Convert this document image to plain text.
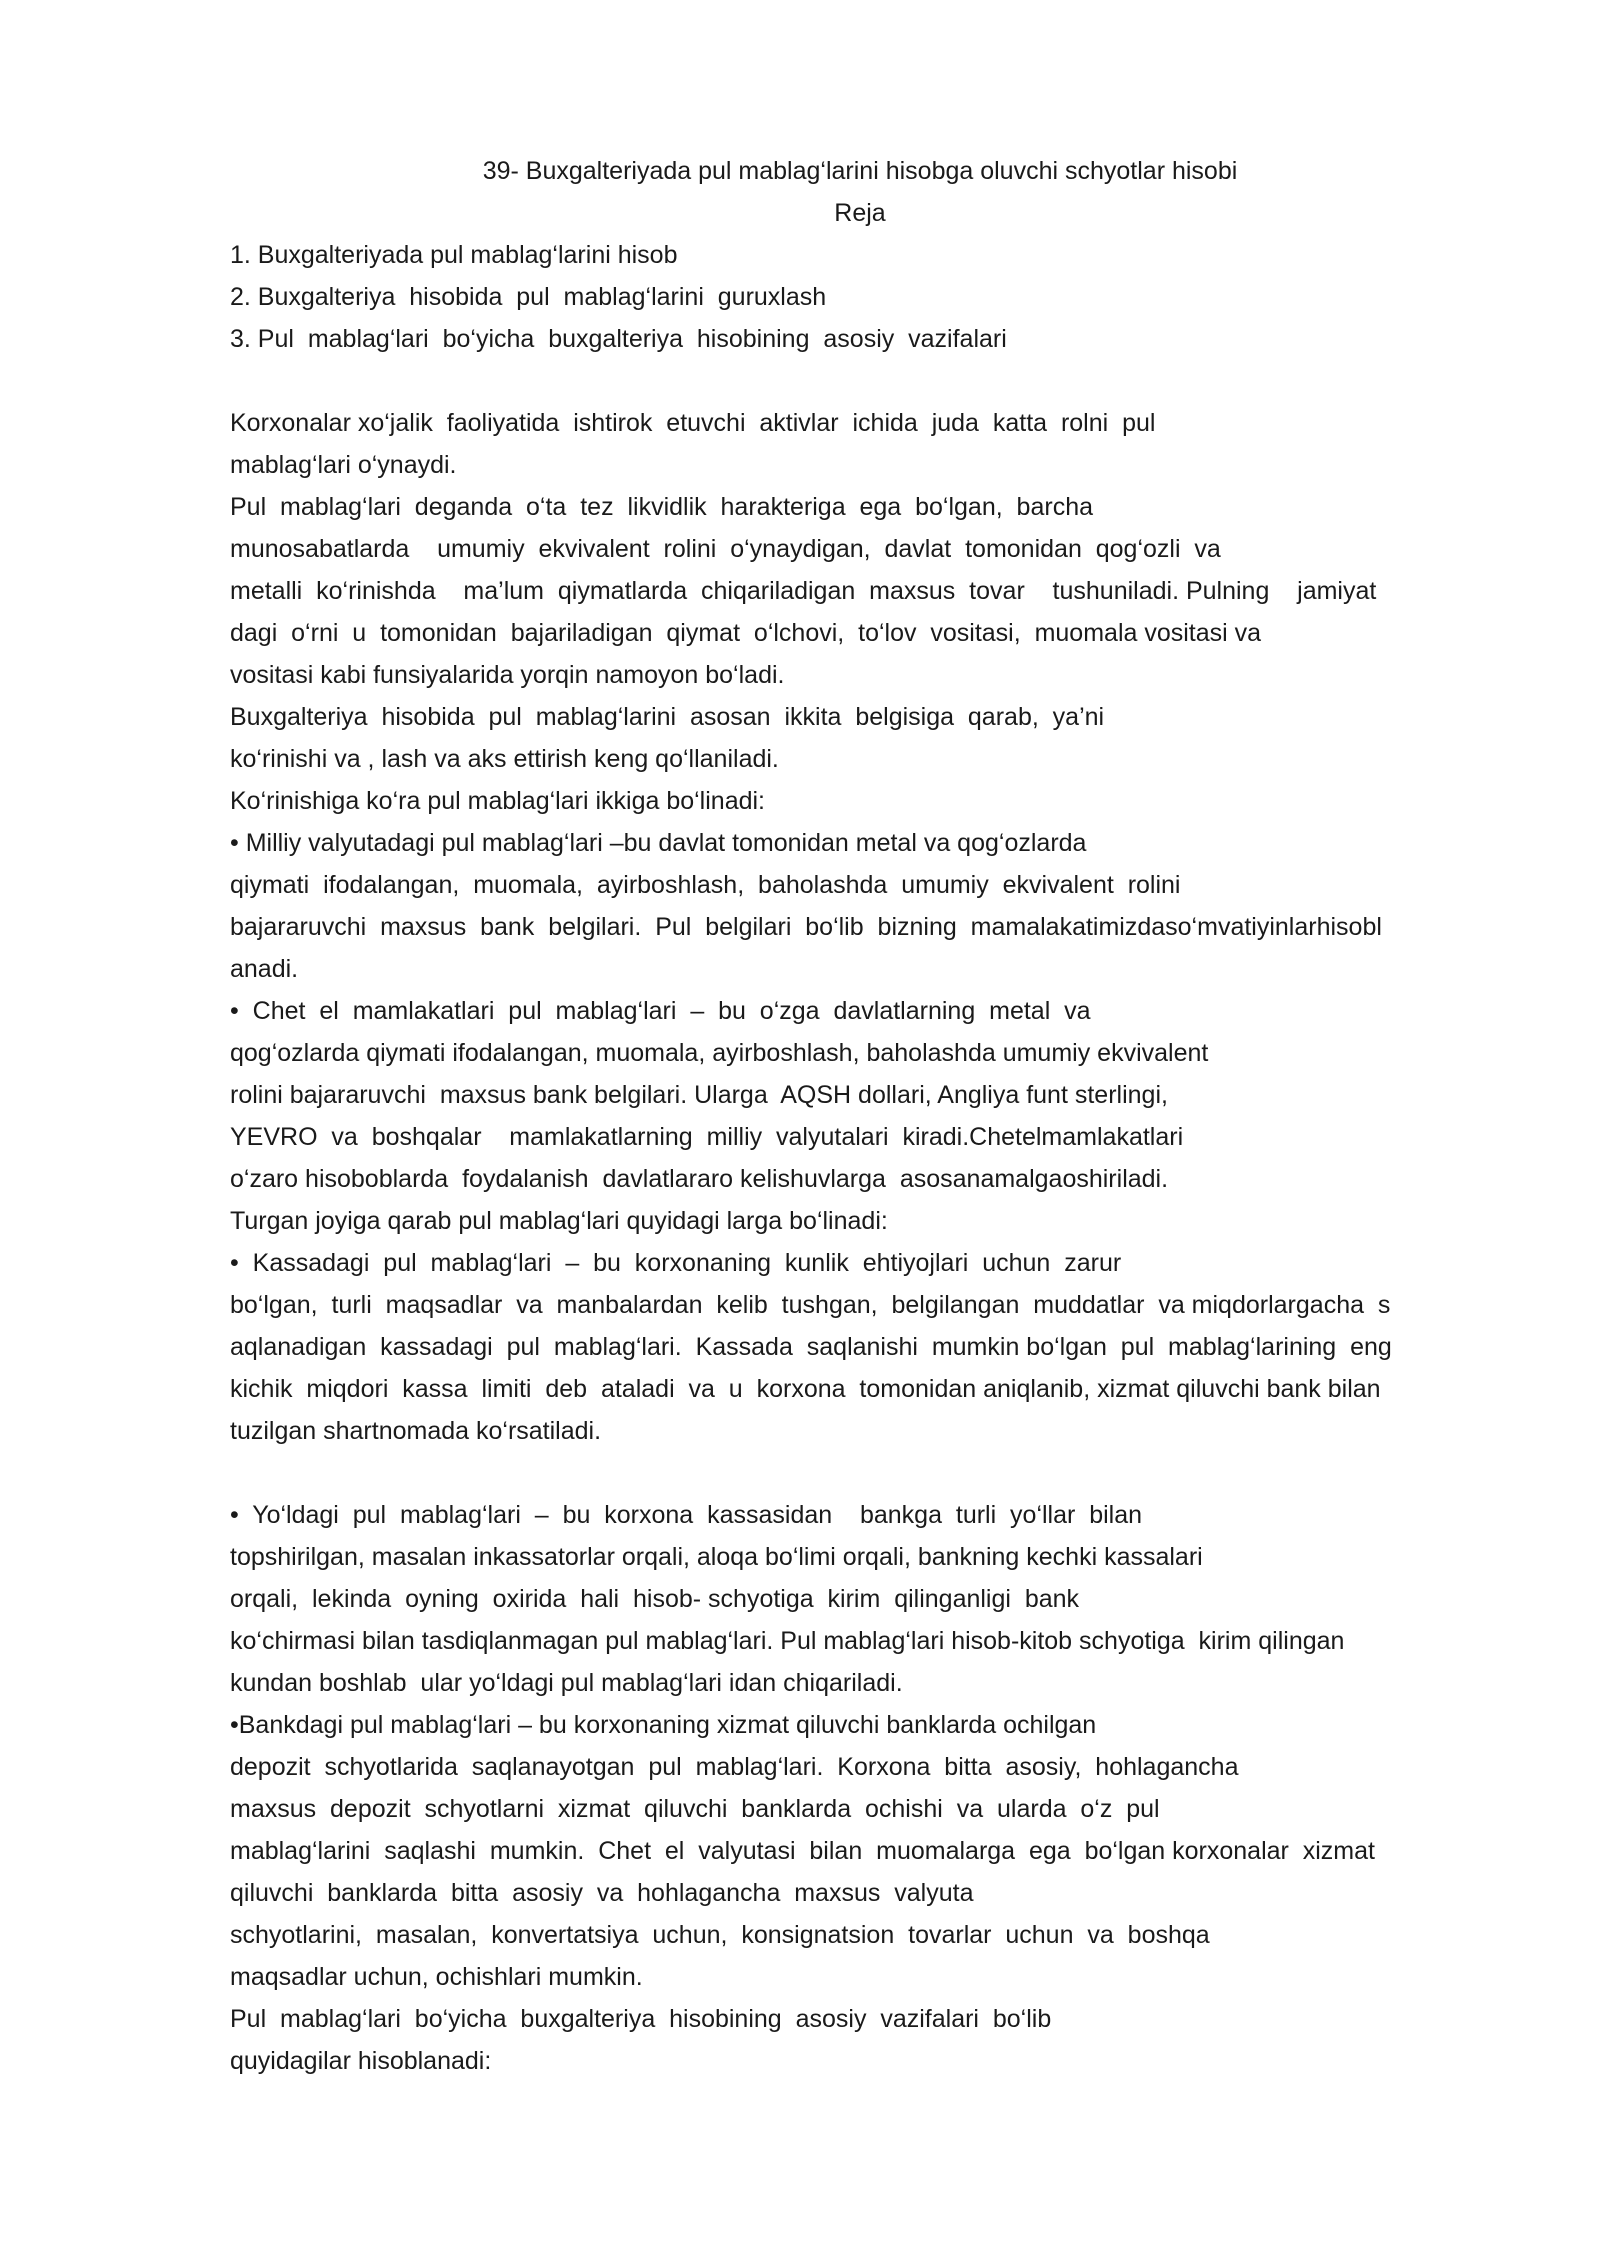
39- Buxgalteriyada pul mablag‘larini hisobga oluvchi schyotlar hisobi

Reja

1. Buxgalteriyada pul mablag‘larini hisob

2. Buxgalteriya  hisobida  pul  mablag‘larini  guruxlash

3. Pul  mablag‘lari  bo‘yicha  buxgalteriya  hisobining  asosiy  vazifalari

Korxonalar xo‘jalik  faoliyatida  ishtirok  etuvchi  aktivlar  ichida  juda  katta  rolni  pul

mablag‘lari o‘ynaydi.

Pul  mablag‘lari  deganda  o‘ta  tez  likvidlik  harakteriga  ega  bo‘lgan,  barcha

munosabatlarda    umumiy  ekvivalent  rolini  o‘ynaydigan,  davlat  tomonidan  qog‘ozli  va

metalli  ko‘rinishda    ma’lum  qiymatlarda  chiqariladigan  maxsus  tovar    tushuniladi. Pulning    jamiyat

dagi  o‘rni  u  tomonidan  bajariladigan  qiymat  o‘lchovi,  to‘lov  vositasi,  muomala vositasi va

vositasi kabi funsiyalarida yorqin namoyon bo‘ladi.

Buxgalteriya  hisobida  pul  mablag‘larini  asosan  ikkita  belgisiga  qarab,  ya’ni

ko‘rinishi va , lash va aks ettirish keng qo‘llaniladi.

Ko‘rinishiga ko‘ra pul mablag‘lari ikkiga bo‘linadi:

• Milliy valyutadagi pul mablag‘lari –bu davlat tomonidan metal va qog‘ozlarda

qiymati  ifodalangan,  muomala,  ayirboshlash,  baholashda  umumiy  ekvivalent  rolini

bajararuvchi  maxsus  bank  belgilari.  Pul  belgilari  bo‘lib  bizning  mamalakatimizdaso‘mvatiyinlarhisobl

anadi.

•  Chet  el  mamlakatlari  pul  mablag‘lari  –  bu  o‘zga  davlatlarning  metal  va

qog‘ozlarda qiymati ifodalangan, muomala, ayirboshlash, baholashda umumiy ekvivalent

rolini bajararuvchi  maxsus bank belgilari. Ularga  AQSH dollari, Angliya funt sterlingi,

YEVRO  va  boshqalar    mamlakatlarning  milliy  valyutalari  kiradi.Chetelmamlakatlari

o‘zaro hisoboblarda  foydalanish  davlatlararo kelishuvlarga  asosanamalgaoshiriladi.

Turgan joyiga qarab pul mablag‘lari quyidagi larga bo‘linadi:

•  Kassadagi  pul  mablag‘lari  –  bu  korxonaning  kunlik  ehtiyojlari  uchun  zarur

bo‘lgan,  turli  maqsadlar  va  manbalardan  kelib  tushgan,  belgilangan  muddatlar  va miqdorlargacha  s

aqlanadigan  kassadagi  pul  mablag‘lari.  Kassada  saqlanishi  mumkin bo‘lgan  pul  mablag‘larining  eng

kichik  miqdori  kassa  limiti  deb  ataladi  va  u  korxona  tomonidan aniqlanib, xizmat qiluvchi bank bilan

tuzilgan shartnomada ko‘rsatiladi.

•  Yo‘ldagi  pul  mablag‘lari  –  bu  korxona  kassasidan    bankga  turli  yo‘llar  bilan

topshirilgan, masalan inkassatorlar orqali, aloqa bo‘limi orqali, bankning kechki kassalari

orqali,  lekinda  oyning  oxirida  hali  hisob- schyotiga  kirim  qilinganligi  bank

ko‘chirmasi bilan tasdiqlanmagan pul mablag‘lari. Pul mablag‘lari hisob-kitob schyotiga  kirim qilingan

kundan boshlab  ular yo‘ldagi pul mablag‘lari idan chiqariladi.

•Bankdagi pul mablag‘lari – bu korxonaning xizmat qiluvchi banklarda ochilgan

depozit  schyotlarida  saqlanayotgan  pul  mablag‘lari.  Korxona  bitta  asosiy,  hohlagancha

maxsus  depozit  schyotlarni  xizmat  qiluvchi  banklarda  ochishi  va  ularda  o‘z  pul

mablag‘larini  saqlashi  mumkin.  Chet  el  valyutasi  bilan  muomalarga  ega  bo‘lgan korxonalar  xizmat

qiluvchi  banklarda  bitta  asosiy  va  hohlagancha  maxsus  valyuta

schyotlarini,  masalan,  konvertatsiya  uchun,  konsignatsion  tovarlar  uchun  va  boshqa

maqsadlar uchun, ochishlari mumkin.

Pul  mablag‘lari  bo‘yicha  buxgalteriya  hisobining  asosiy  vazifalari  bo‘lib

quyidagilar hisoblanadi:
